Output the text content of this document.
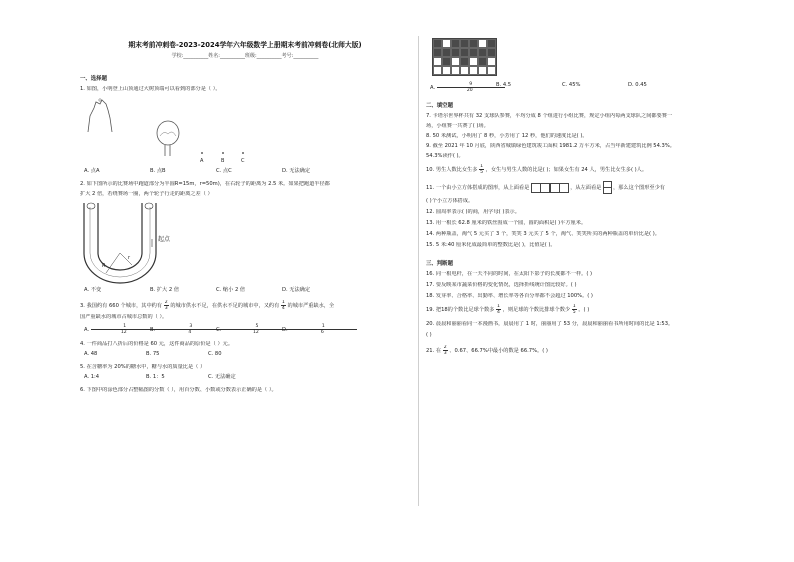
期末考前冲刺卷-2023-2024学年六年级数学上册期末考前冲刺卷(北师大版)
学校:__________姓名:__________班级:__________考号:__________
一、选择题
1. 如图，小明登上山顶通过大树顶端可以看到的部分是（ ）。
A	B	C
A. 点A	B. 点B	C. 点C	D. 无法确定
2. 如下图所示的比赛场中跑道部分为半圆R=15m，r=50m)，在右轮子的距离为 2.5 米。如果把跑道半径都
扩大 2 倍，若绕赛场一圈，两个轮子行走的距离之差（ ）
起点
R
r
A. 不变	B. 扩大 2 倍	C. 缩小 2 倍	D. 无法确定
3. 我国约有 660 个城市，其中约有 $\frac{2}{3}$ 的城市供水不足，在供水不足的城市中，又约有 $\frac{1}{4}$ 的城市严重缺水，全
国严重缺水的城市占城市总数的（ ）。
A. $\frac{1}{12}$
B. $\frac{3}{4}$
C. $\frac{5}{12}$
D. $\frac{1}{6}$
4. 一件商品打八折后的价格是 60 元，这件商品的原价是（ ）元。
A. 48	B. 75	C. 80
5. 在含糖率为 20%的糖水中，糖与水的质量比是（ ）
A. 1:4	B. 1：5	C. 无法确定
6. 下图中的涂色部分占整幅图的分数（ ），用百分数、小数或分数表示正确的是（ ）。
A. $\frac{9}{20}$
B. 4.5	C. 45%	D. 0.45
二、填空题
7. 卡塔尔世界杯共有 32 支球队参赛，平均分成 8 个组进行小组比赛，规定小组内每两支球队之间都要赛一
场，小组赛一共赛了( )场。
8. 50 米测试，小明用了 8 秒，小芳用了 12 秒，他们的速度比是( )。
9. 截至 2021 年 10 月底，陕西省城镇绿色建筑竣工面积 1981.2 万平方米，占当年新建建筑比例 54.3%。
54.3%读作( )。
10. 男生人数比女生多 $\frac{1}{5}$ ，女生与男生人数的比是( )；如果女生有 24 人，男生比女生多( )人。
11. 一个由小立方体搭成的图形，从上面看是	，从左面看是 ，那么这个图形至少有
( )个小立方体搭成。
12. 圆周率表示( )的商，用字母( )表示。
13. 用一根长 62.8 厘米的铁丝围成一个圆，圆的面积是( )平方厘米。
14. 两种瓶盖，淘气 5 元买了 3 个，笑笑 3 元买了 5 个，淘气、笑笑所买的两种瓶盖的单价比是( )。
15. 5 米:40 厘米化成最简单的整数比是( )，比值是( )。
三、判断题
16. 同一根电杆，在一天不同的时间，在太阳下影子的长度都不一样。( )
17. 要反映某市蔬菜价格的变化情况，选择折线统计图比较好。( )
18. 发芽率、合格率、出勤率、增长率等各百分率都不会超过 100%。( )
19. 把18的个数比足球个数多 $\frac{1}{4}$ ，则足球的个数比排球个数少 $\frac{1}{5}$ 。( )
20. 晨晨和丽丽看同一本漫画书，晨晨用了 1 时，丽丽用了 53 分，晨晨和丽丽看书所用时间的比是 1:53。
( )
21. 在 $\frac{2}{3}$ 、0.67、66.7%中最小的数是 66.7%。( )
